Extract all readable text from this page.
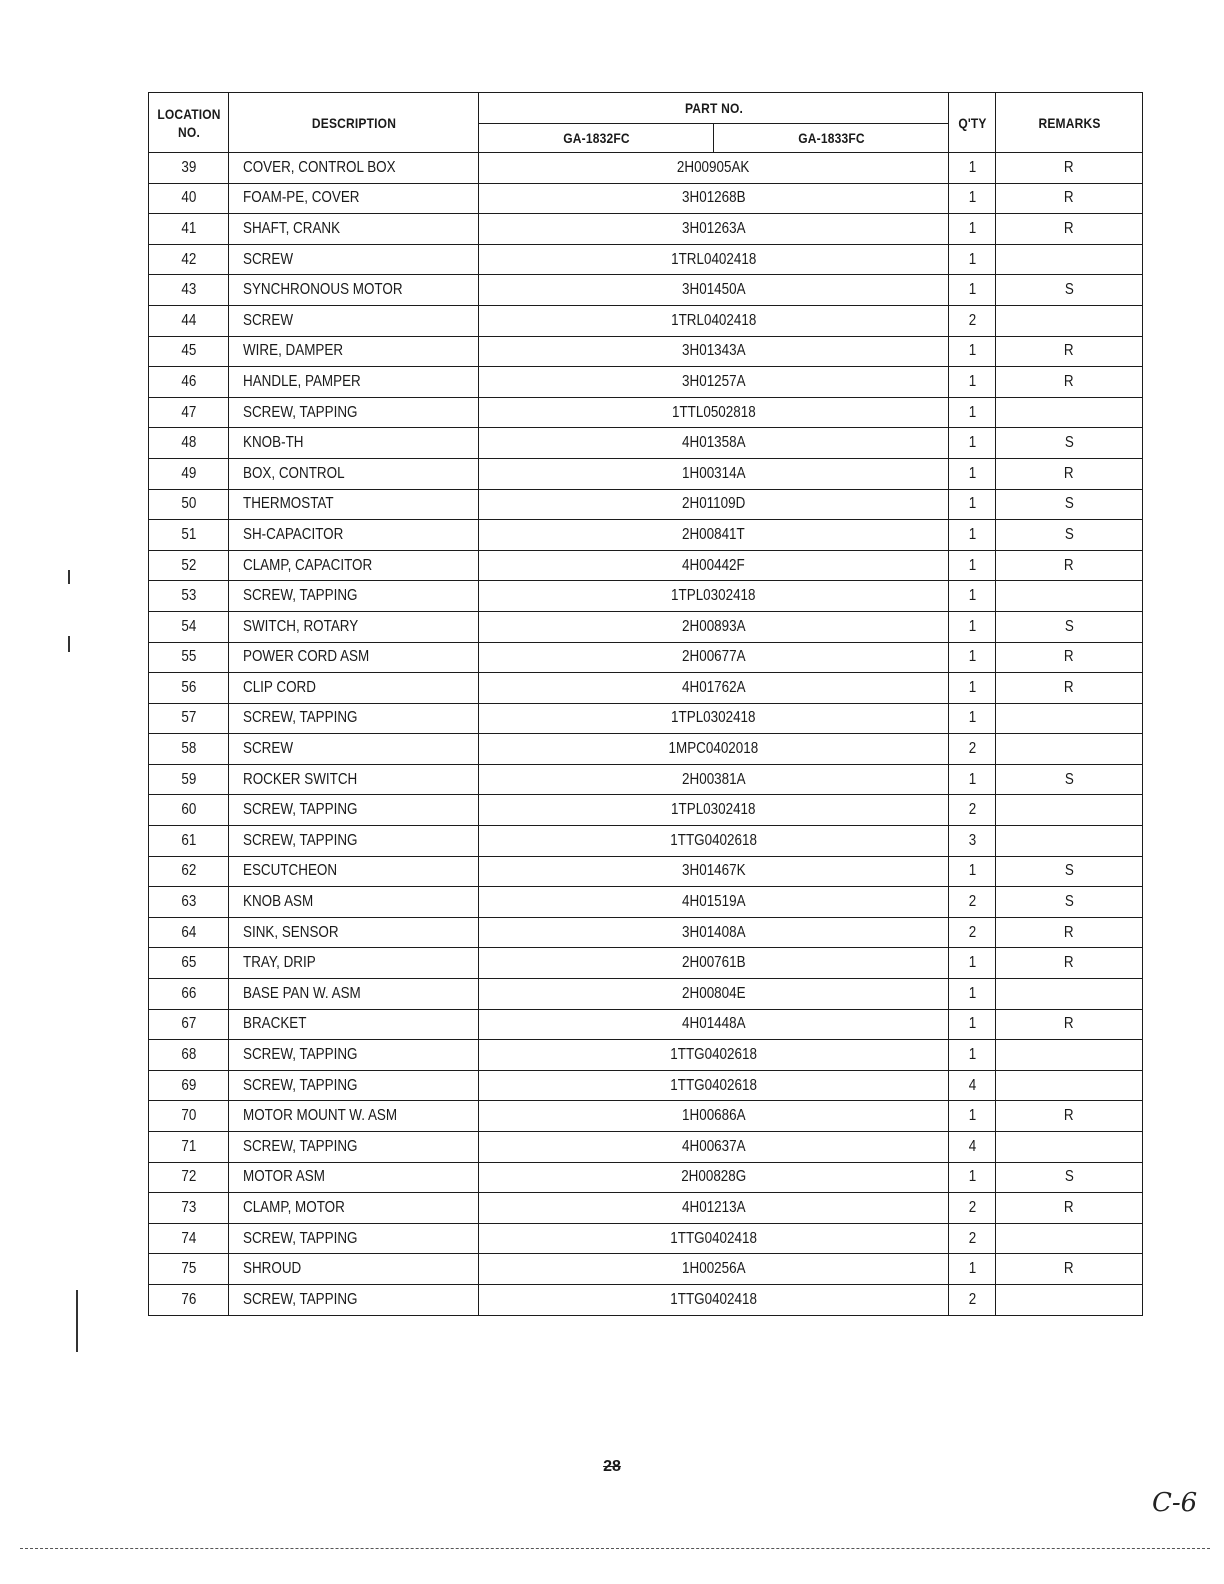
LOCATION
NO.	DESCRIPTION	PART NO.		Q'TY	REMARKS
		GA-1832FC	GA-1833FC		
39	COVER, CONTROL BOX	2H00905AK		1	R
40	FOAM-PE, COVER	3H01268B		1	R
41	SHAFT, CRANK	3H01263A		1	R
42	SCREW	1TRL0402418		1	
43	SYNCHRONOUS MOTOR	3H01450A		1	S
44	SCREW	1TRL0402418		2	
45	WIRE, DAMPER	3H01343A		1	R
46	HANDLE, PAMPER	3H01257A		1	R
47	SCREW, TAPPING	1TTL0502818		1	
48	KNOB-TH	4H01358A		1	S
49	BOX, CONTROL	1H00314A		1	R
50	THERMOSTAT	2H01109D		1	S
51	SH-CAPACITOR	2H00841T		1	S
52	CLAMP, CAPACITOR	4H00442F		1	R
53	SCREW, TAPPING	1TPL0302418		1	
54	SWITCH, ROTARY	2H00893A		1	S
55	POWER CORD ASM	2H00677A		1	R
56	CLIP CORD	4H01762A		1	R
57	SCREW, TAPPING	1TPL0302418		1	
58	SCREW	1MPC0402018		2	
59	ROCKER SWITCH	2H00381A		1	S
60	SCREW, TAPPING	1TPL0302418		2	
61	SCREW, TAPPING	1TTG0402618		3	
62	ESCUTCHEON	3H01467K		1	S
63	KNOB ASM	4H01519A		2	S
64	SINK, SENSOR	3H01408A		2	R
65	TRAY, DRIP	2H00761B		1	R
66	BASE PAN W. ASM	2H00804E		1	
67	BRACKET	4H01448A		1	R
68	SCREW, TAPPING	1TTG0402618		1	
69	SCREW, TAPPING	1TTG0402618		4	
70	MOTOR MOUNT W. ASM	1H00686A		1	R
71	SCREW, TAPPING	4H00637A		4	
72	MOTOR ASM	2H00828G		1	S
73	CLAMP, MOTOR	4H01213A		2	R
74	SCREW, TAPPING	1TTG0402418		2	
75	SHROUD	1H00256A		1	R
76	SCREW, TAPPING	1TTG0402418		2	
28
C-6
